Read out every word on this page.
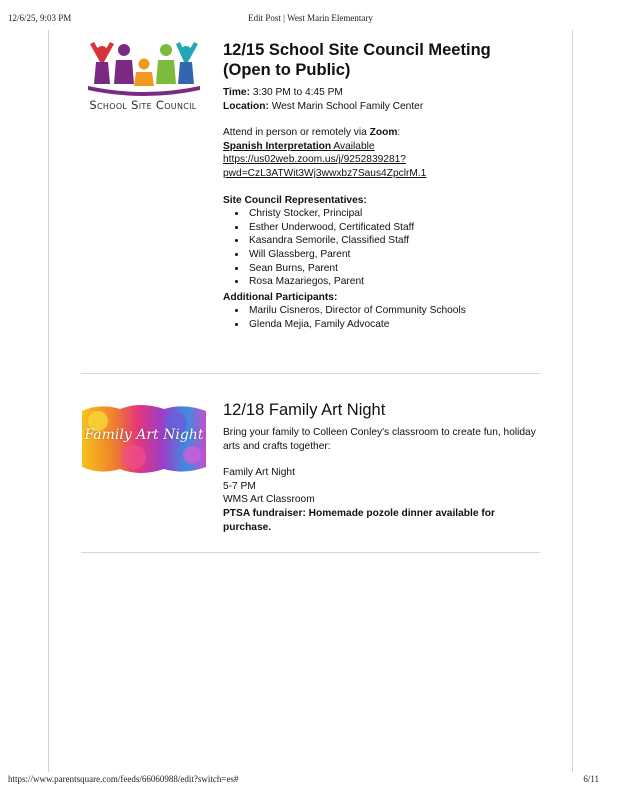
12/6/25, 9:03 PM	Edit Post | West Marin Elementary
School Site Council
12/15 School Site Council Meeting (Open to Public)

Time: 3:30 PM to 4:45 PM

Location: West Marin School Family Center

Attend in person or remotely via Zoom:

Spanish Interpretation Available

https://us02web.zoom.us/j/9252839281?
pwd=CzL3ATWit3Wj3wwxbz7Saus4ZpclrM.1

Site Council Representatives:

• Christy Stocker, Principal
• Esther Underwood, Certificated Staff
• Kasandra Semorile, Classified Staff
• Will Glassberg, Parent
• Sean Burns, Parent
• Rosa Mazariegos, Parent

Additional Participants:

• Marilu Cisneros, Director of Community Schools
• Glenda Mejia, Family Advocate
Family Art Night
12/18 Family Art Night

Bring your family to Colleen Conley's classroom to create fun, holiday arts and crafts together:

Family Art Night

5-7 PM

WMS Art Classroom

PTSA fundraiser: Homemade pozole dinner available for purchase.

https://www.parentsquare.com/feeds/66060988/edit?switch=es#	6/11
